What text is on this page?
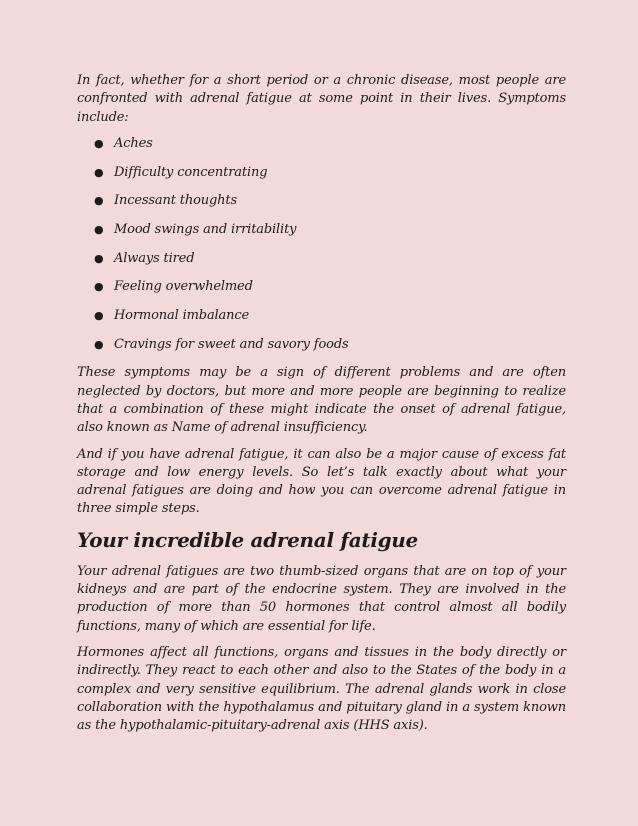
In fact, whether for a short period or a chronic disease, most people are confronted with adrenal fatigue at some point in their lives. Symptoms include:

● Aches
● Difficulty concentrating
● Incessant thoughts
● Mood swings and irritability
● Always tired
● Feeling overwhelmed
● Hormonal imbalance
● Cravings for sweet and savory foods

These symptoms may be a sign of different problems and are often neglected by doctors, but more and more people are beginning to realize that a combination of these might indicate the onset of adrenal fatigue, also known as Name of adrenal insufficiency.

And if you have adrenal fatigue, it can also be a major cause of excess fat storage and low energy levels. So let’s talk exactly about what your adrenal fatigues are doing and how you can overcome adrenal fatigue in three simple steps.

Your incredible adrenal fatigue

Your adrenal fatigues are two thumb-sized organs that are on top of your kidneys and are part of the endocrine system. They are involved in the production of more than 50 hormones that control almost all bodily functions, many of which are essential for life.

Hormones affect all functions, organs and tissues in the body directly or indirectly. They react to each other and also to the States of the body in a complex and very sensitive equilibrium. The adrenal glands work in close collaboration with the hypothalamus and pituitary gland in a system known as the hypothalamic-pituitary-adrenal axis (HHS axis).
